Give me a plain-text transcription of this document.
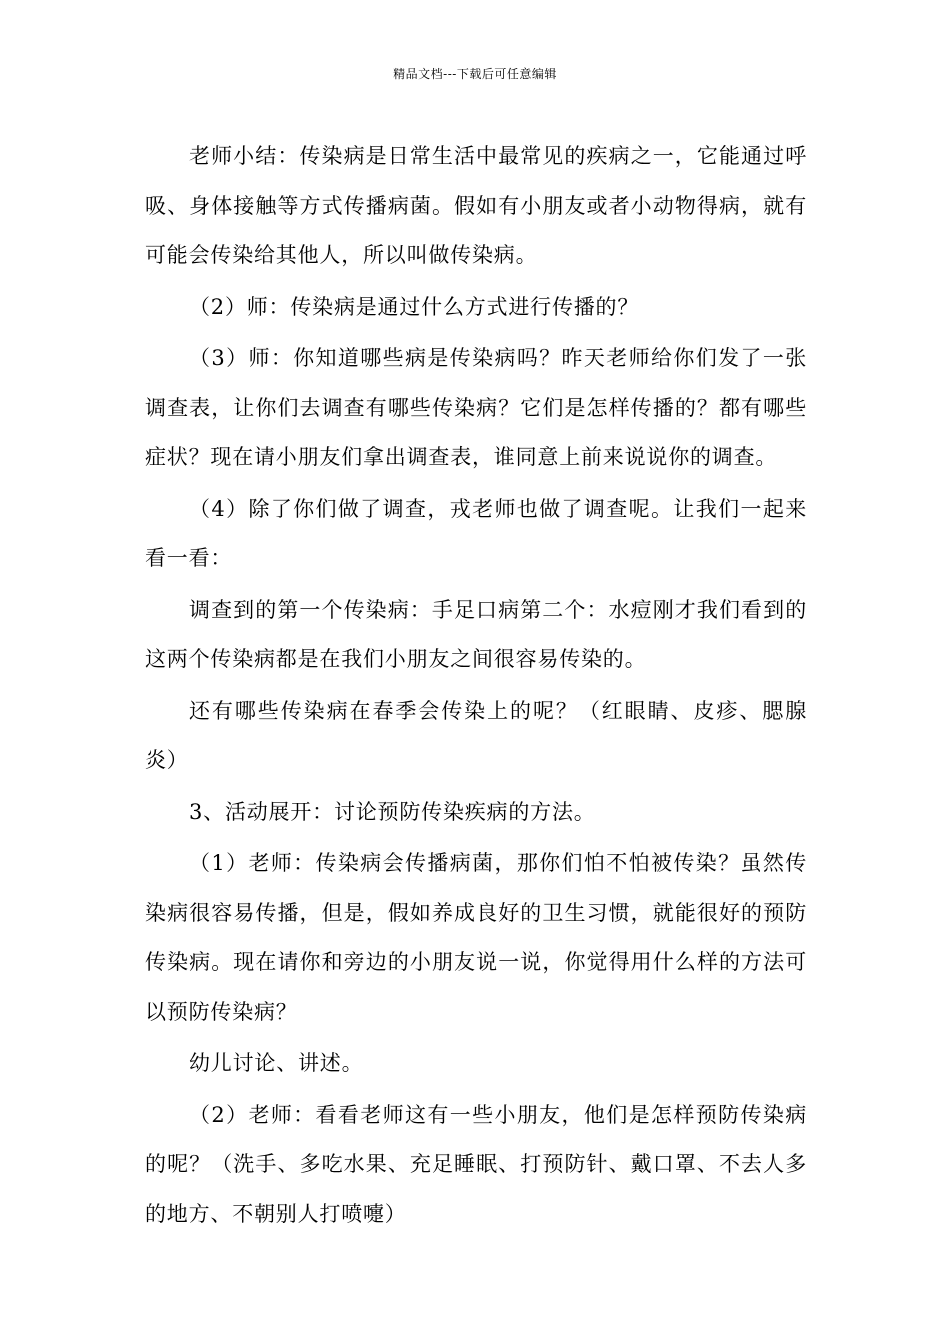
精品文档---下载后可任意编辑

老师小结：传染病是日常生活中最常见的疾病之一，它能通过呼吸、身体接触等方式传播病菌。假如有小朋友或者小动物得病，就有可能会传染给其他人，所以叫做传染病。

（2）师：传染病是通过什么方式进行传播的？

（3）师：你知道哪些病是传染病吗？昨天老师给你们发了一张调查表，让你们去调查有哪些传染病？它们是怎样传播的？都有哪些症状？现在请小朋友们拿出调查表，谁同意上前来说说你的调查。

（4）除了你们做了调查，戎老师也做了调查呢。让我们一起来看一看：

调查到的第一个传染病：手足口病第二个：水痘刚才我们看到的这两个传染病都是在我们小朋友之间很容易传染的。

还有哪些传染病在春季会传染上的呢？（红眼睛、皮疹、腮腺炎）

3、活动展开：讨论预防传染疾病的方法。

（1）老师：传染病会传播病菌，那你们怕不怕被传染？虽然传染病很容易传播，但是，假如养成良好的卫生习惯，就能很好的预防传染病。现在请你和旁边的小朋友说一说，你觉得用什么样的方法可以预防传染病？

幼儿讨论、讲述。

（2）老师：看看老师这有一些小朋友，他们是怎样预防传染病的呢？（洗手、多吃水果、充足睡眠、打预防针、戴口罩、不去人多的地方、不朝别人打喷嚏）
